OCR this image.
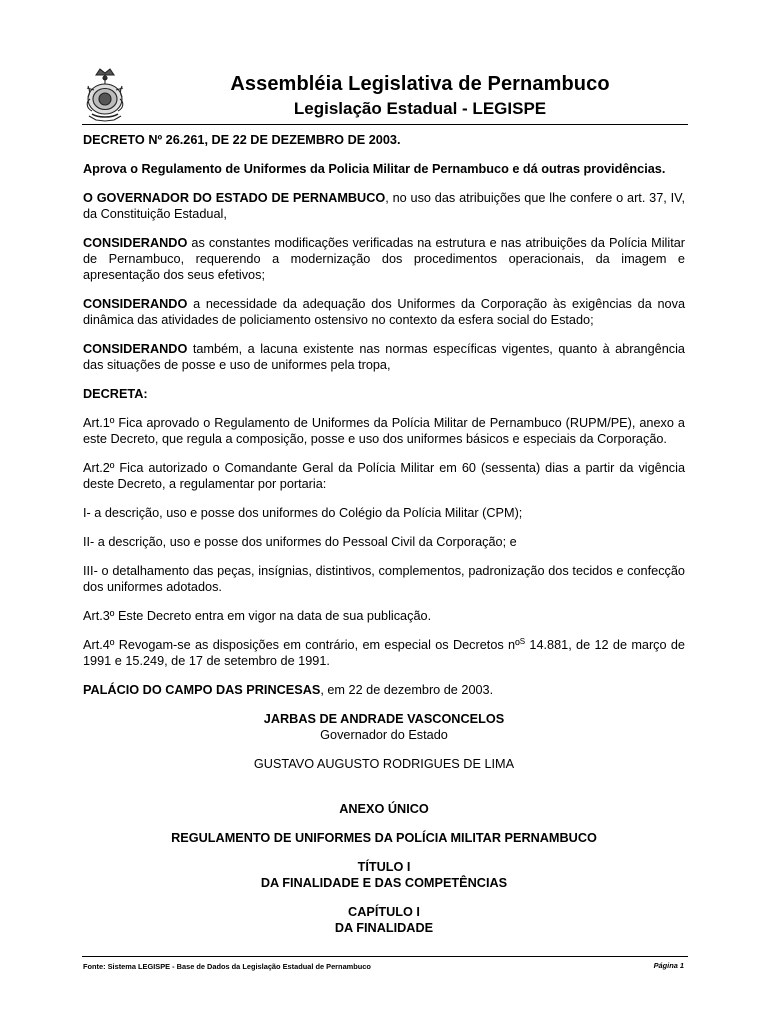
Assembléia Legislativa de Pernambuco
Legislação Estadual - LEGISPE

DECRETO Nº 26.261, DE 22 DE DEZEMBRO DE 2003.

Aprova o Regulamento de Uniformes da Policia Militar de Pernambuco e dá outras providências.

O GOVERNADOR DO ESTADO DE PERNAMBUCO, no uso das atribuições que lhe confere o art. 37, IV, da Constituição Estadual,

CONSIDERANDO as constantes modificações verificadas na estrutura e nas atribuições da Polícia Militar de Pernambuco, requerendo a modernização dos procedimentos operacionais, da imagem e apresentação dos seus efetivos;

CONSIDERANDO a necessidade da adequação dos Uniformes da Corporação às exigências da nova dinâmica das atividades de policiamento ostensivo no contexto da esfera social do Estado;

CONSIDERANDO também, a lacuna existente nas normas específicas vigentes, quanto à abrangência das situações de posse e uso de uniformes pela tropa,

DECRETA:

Art.1º Fica aprovado o Regulamento de Uniformes da Polícia Militar de Pernambuco (RUPM/PE), anexo a este Decreto, que regula a composição, posse e uso dos uniformes básicos e especiais da Corporação.

Art.2º Fica autorizado o Comandante Geral da Polícia Militar em 60 (sessenta) dias a partir da vigência deste Decreto, a regulamentar por portaria:

I- a descrição, uso e posse dos uniformes do Colégio da Polícia Militar (CPM);

II- a descrição, uso e posse dos uniformes do Pessoal Civil da Corporação; e

III- o detalhamento das peças, insígnias, distintivos, complementos, padronização dos tecidos e confecção dos uniformes adotados.

Art.3º Este Decreto entra em vigor na data de sua publicação.

Art.4º Revogam-se as disposições em contrário, em especial os Decretos nº$^S$ 14.881, de 12 de março de 1991 e 15.249, de 17 de setembro de 1991.

PALÁCIO DO CAMPO DAS PRINCESAS, em 22 de dezembro de 2003.

JARBAS DE ANDRADE VASCONCELOS

Governador do Estado

GUSTAVO AUGUSTO RODRIGUES DE LIMA

ANEXO ÚNICO

REGULAMENTO DE UNIFORMES DA POLÍCIA MILITAR PERNAMBUCO

TÍTULO I

DA FINALIDADE E DAS COMPETÊNCIAS

CAPÍTULO I

DA FINALIDADE

Fonte: Sistema LEGISPE - Base de Dados da Legislação Estadual de Pernambuco	Página 1
